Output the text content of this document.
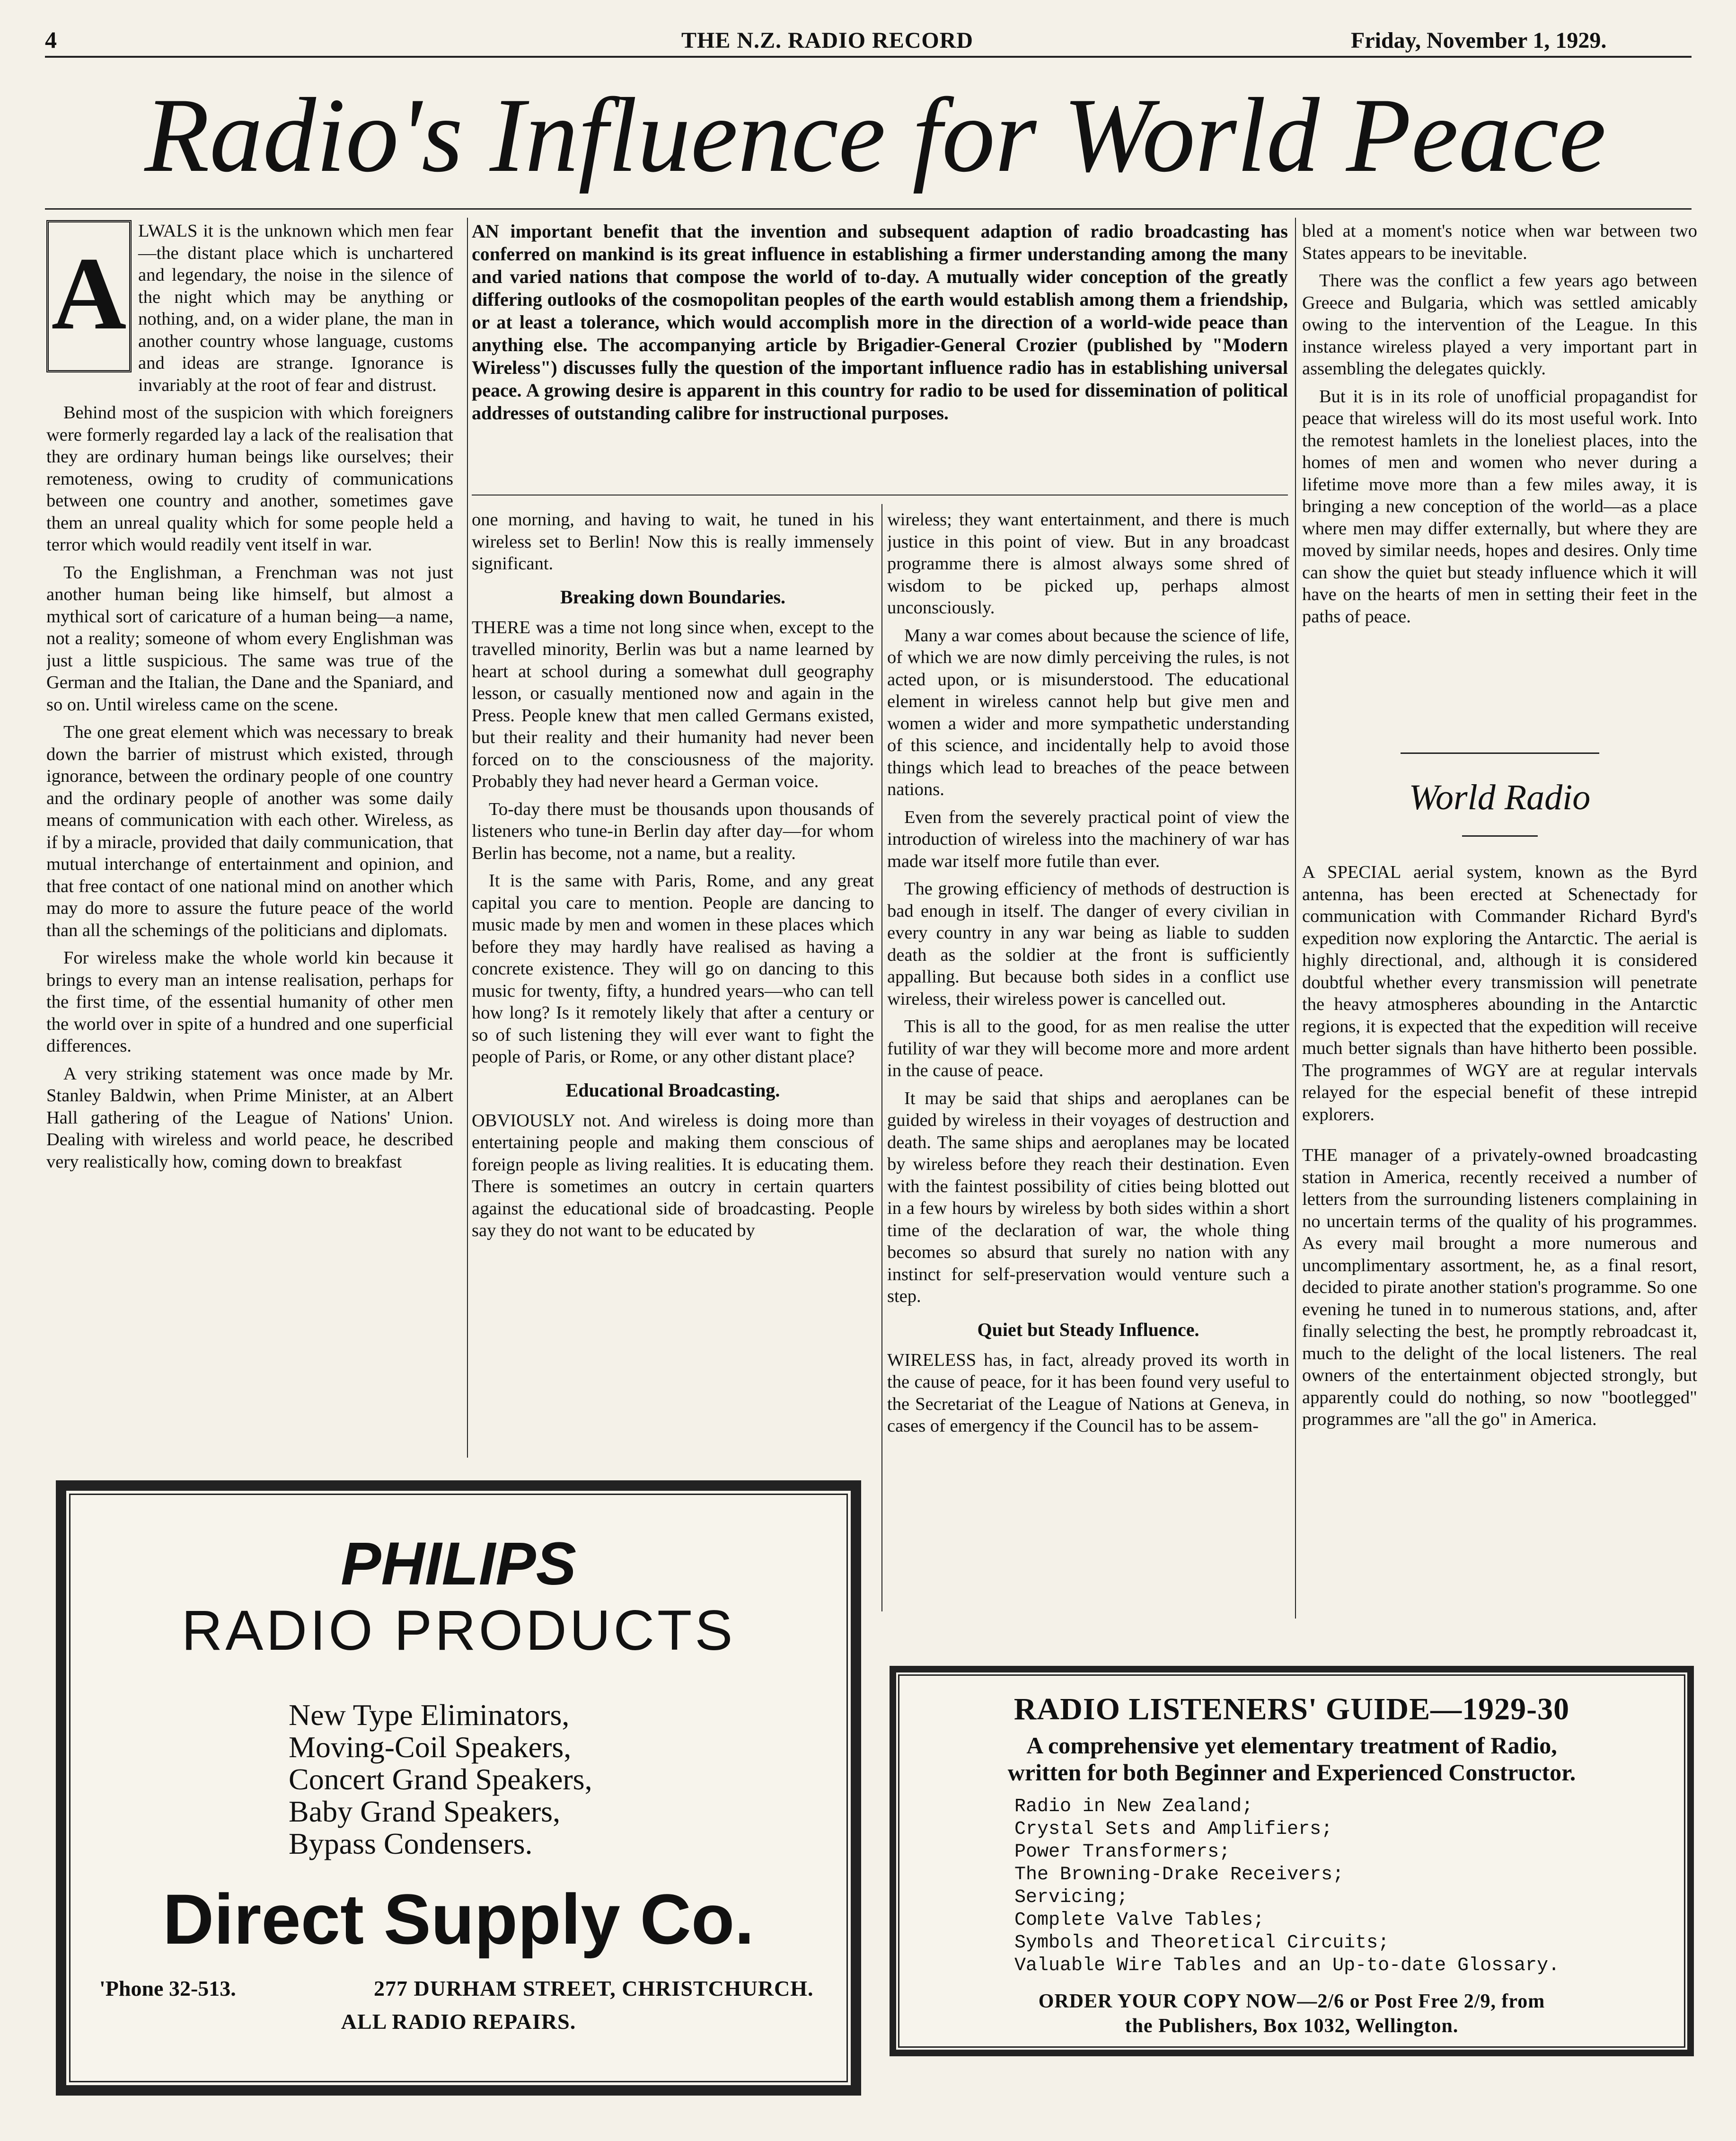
4	THE N.Z. RADIO RECORD	Friday, November 1, 1929.
Radio's Influence for World Peace
A

LWALS it is the unknown which men fear—the distant place which is unchartered and legendary, the noise in the silence of the night which may be anything or nothing, and, on a wider plane, the man in another country whose language, customs and ideas are strange. Ignorance is invariably at the root of fear and distrust.

Behind most of the suspicion with which foreigners were formerly regarded lay a lack of the realisation that they are ordinary human beings like ourselves; their remoteness, owing to crudity of communications between one country and another, sometimes gave them an unreal quality which for some people held a terror which would readily vent itself in war.

To the Englishman, a Frenchman was not just another human being like himself, but almost a mythical sort of caricature of a human being—a name, not a reality; someone of whom every Englishman was just a little suspicious. The same was true of the German and the Italian, the Dane and the Spaniard, and so on. Until wireless came on the scene.

The one great element which was necessary to break down the barrier of mistrust which existed, through ignorance, between the ordinary people of one country and the ordinary people of another was some daily means of communication with each other. Wireless, as if by a miracle, provided that daily communication, that mutual interchange of entertainment and opinion, and that free contact of one national mind on another which may do more to assure the future peace of the world than all the schemings of the politicians and diplomats.

For wireless make the whole world kin because it brings to every man an intense realisation, perhaps for the first time, of the essential humanity of other men the world over in spite of a hundred and one superficial differences.

A very striking statement was once made by Mr. Stanley Baldwin, when Prime Minister, at an Albert Hall gathering of the League of Nations' Union. Dealing with wireless and world peace, he described very realistically how, coming down to breakfast

AN important benefit that the invention and subsequent adaption of radio broadcasting has conferred on mankind is its great influence in establishing a firmer understanding among the many and varied nations that compose the world of to-day. A mutually wider conception of the greatly differing outlooks of the cosmopolitan peoples of the earth would establish among them a friendship, or at least a tolerance, which would accomplish more in the direction of a world-wide peace than anything else. The accompanying article by Brigadier-General Crozier (published by "Modern Wireless") discusses fully the question of the important influence radio has in establishing universal peace. A growing desire is apparent in this country for radio to be used for dissemination of political addresses of outstanding calibre for instructional purposes.

one morning, and having to wait, he tuned in his wireless set to Berlin! Now this is really immensely significant.

Breaking down Boundaries.

THERE was a time not long since when, except to the travelled minority, Berlin was but a name learned by heart at school during a somewhat dull geography lesson, or casually mentioned now and again in the Press. People knew that men called Germans existed, but their reality and their humanity had never been forced on to the consciousness of the majority. Probably they had never heard a German voice.

To-day there must be thousands upon thousands of listeners who tune-in Berlin day after day—for whom Berlin has become, not a name, but a reality.

It is the same with Paris, Rome, and any great capital you care to mention. People are dancing to music made by men and women in these places which before they may hardly have realised as having a concrete existence. They will go on dancing to this music for twenty, fifty, a hundred years—who can tell how long? Is it remotely likely that after a century or so of such listening they will ever want to fight the people of Paris, or Rome, or any other distant place?

Educational Broadcasting.

OBVIOUSLY not. And wireless is doing more than entertaining people and making them conscious of foreign people as living realities. It is educating them. There is sometimes an outcry in certain quarters against the educational side of broadcasting. People say they do not want to be educated by

wireless; they want entertainment, and there is much justice in this point of view. But in any broadcast programme there is almost always some shred of wisdom to be picked up, perhaps almost unconsciously.

Many a war comes about because the science of life, of which we are now dimly perceiving the rules, is not acted upon, or is misunderstood. The educational element in wireless cannot help but give men and women a wider and more sympathetic understanding of this science, and incidentally help to avoid those things which lead to breaches of the peace between nations.

Even from the severely practical point of view the introduction of wireless into the machinery of war has made war itself more futile than ever.

The growing efficiency of methods of destruction is bad enough in itself. The danger of every civilian in every country in any war being as liable to sudden death as the soldier at the front is sufficiently appalling. But because both sides in a conflict use wireless, their wireless power is cancelled out.

This is all to the good, for as men realise the utter futility of war they will become more and more ardent in the cause of peace.

It may be said that ships and aeroplanes can be guided by wireless in their voyages of destruction and death. The same ships and aeroplanes may be located by wireless before they reach their destination. Even with the faintest possibility of cities being blotted out in a few hours by wireless by both sides within a short time of the declaration of war, the whole thing becomes so absurd that surely no nation with any instinct for self-preservation would venture such a step.

Quiet but Steady Influence.

WIRELESS has, in fact, already proved its worth in the cause of peace, for it has been found very useful to the Secretariat of the League of Nations at Geneva, in cases of emergency if the Council has to be assem-

bled at a moment's notice when war between two States appears to be inevitable.

There was the conflict a few years ago between Greece and Bulgaria, which was settled amicably owing to the intervention of the League. In this instance wireless played a very important part in assembling the delegates quickly.

But it is in its role of unofficial propagandist for peace that wireless will do its most useful work. Into the remotest hamlets in the loneliest places, into the homes of men and women who never during a lifetime move more than a few miles away, it is bringing a new conception of the world—as a place where men may differ externally, but where they are moved by similar needs, hopes and desires. Only time can show the quiet but steady influence which it will have on the hearts of men in setting their feet in the paths of peace.

World Radio

A SPECIAL aerial system, known as the Byrd antenna, has been erected at Schenectady for communication with Commander Richard Byrd's expedition now exploring the Antarctic. The aerial is highly directional, and, although it is considered doubtful whether every transmission will penetrate the heavy atmospheres abounding in the Antarctic regions, it is expected that the expedition will receive much better signals than have hitherto been possible. The programmes of WGY are at regular intervals relayed for the especial benefit of these intrepid explorers.

THE manager of a privately-owned broadcasting station in America, recently received a number of letters from the surrounding listeners complaining in no uncertain terms of the quality of his programmes. As every mail brought a more numerous and uncomplimentary assortment, he, as a final resort, decided to pirate another station's programme. So one evening he tuned in to numerous stations, and, after finally selecting the best, he promptly rebroadcast it, much to the delight of the local listeners. The real owners of the entertainment objected strongly, but apparently could do nothing, so now "bootlegged" programmes are "all the go" in America.

PHILIPS
RADIO PRODUCTS
New Type Eliminators,
Moving-Coil Speakers,
Concert Grand Speakers,
Baby Grand Speakers,
Bypass Condensers.
Direct Supply Co.
'Phone 32-513.	277 DURHAM STREET, CHRISTCHURCH.
ALL RADIO REPAIRS.
RADIO LISTENERS' GUIDE—1929-30
A comprehensive yet elementary treatment of Radio,
written for both Beginner and Experienced Constructor.
Radio in New Zealand;
Crystal Sets and Amplifiers;
Power Transformers;
The Browning-Drake Receivers;
Servicing;
Complete Valve Tables;
Symbols and Theoretical Circuits;
Valuable Wire Tables and an Up-to-date Glossary.
ORDER YOUR COPY NOW—2/6 or Post Free 2/9, from
the Publishers, Box 1032, Wellington.
